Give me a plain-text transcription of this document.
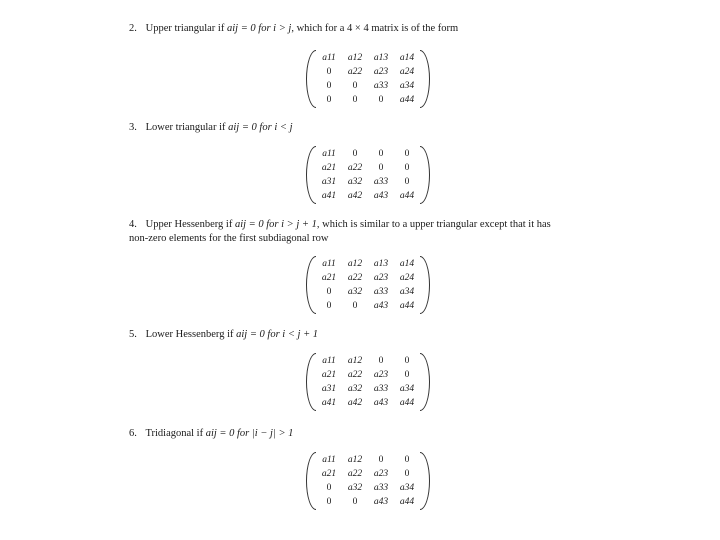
2. Upper triangular if aij = 0 for i > j, which for a 4 × 4 matrix is of the form
a11	a12	a13	a14
0	a22	a23	a24
0	0	a33	a34
0	0	0	a44
3. Lower triangular if aij = 0 for i < j
a11	0	0	0
a21	a22	0	0
a31	a32	a33	0
a41	a42	a43	a44
4. Upper Hessenberg if aij = 0 for i > j + 1, which is similar to a upper triangular except that it has
non-zero elements for the first subdiagonal row
a11	a12	a13	a14
a21	a22	a23	a24
0	a32	a33	a34
0	0	a43	a44
5. Lower Hessenberg if aij = 0 for i < j + 1
a11	a12	0	0
a21	a22	a23	0
a31	a32	a33	a34
a41	a42	a43	a44
6. Tridiagonal if aij = 0 for |i − j| > 1
a11	a12	0	0
a21	a22	a23	0
0	a32	a33	a34
0	0	a43	a44
